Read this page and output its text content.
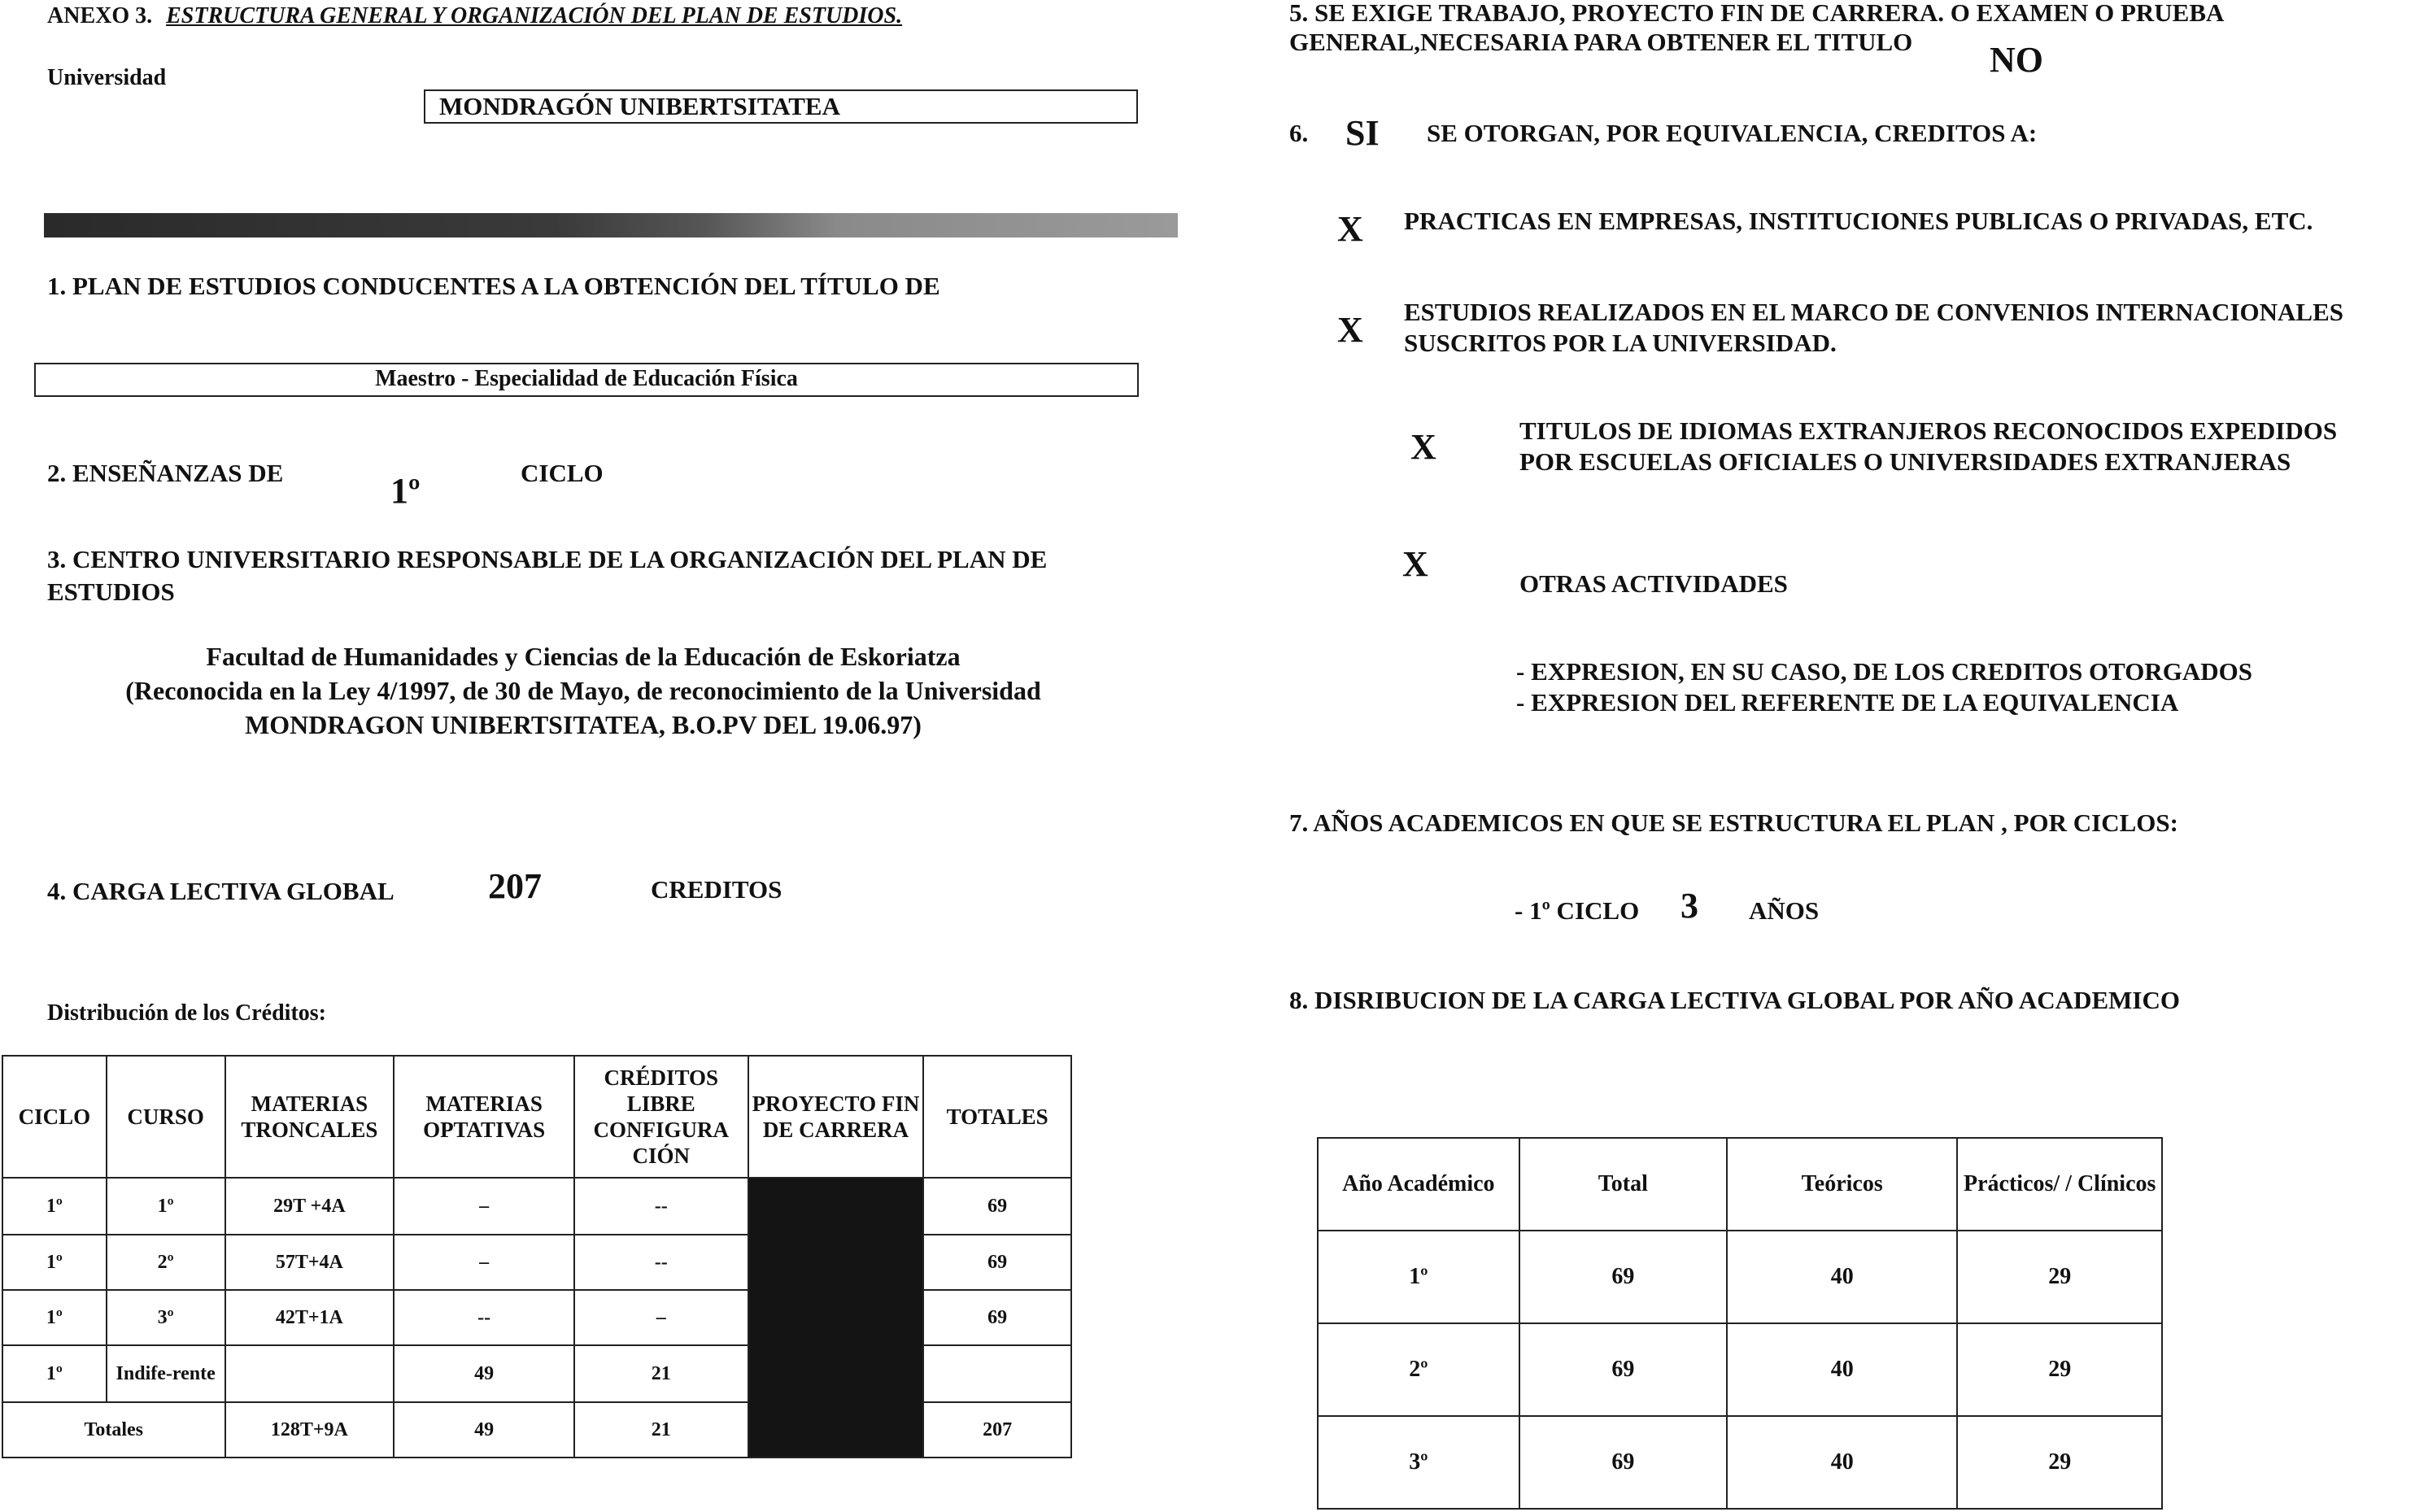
ANEXO 3. ESTRUCTURA GENERAL Y ORGANIZACIÓN DEL PLAN DE ESTUDIOS.
Universidad
MONDRAGÓN UNIBERTSITATEA
1. PLAN DE ESTUDIOS CONDUCENTES A LA OBTENCIÓN DEL TÍTULO DE
Maestro - Especialidad de Educación Física
2. ENSEÑANZAS DE	1º	CICLO
3. CENTRO UNIVERSITARIO RESPONSABLE DE LA ORGANIZACIÓN DEL PLAN DE
ESTUDIOS
Facultad de Humanidades y Ciencias de la Educación de Eskoriatza
(Reconocida en la Ley 4/1997, de 30 de Mayo, de reconocimiento de la Universidad
MONDRAGON UNIBERTSITATEA, B.O.PV DEL 19.06.97)
4. CARGA LECTIVA GLOBAL	207	CREDITOS
Distribución de los Créditos:
CICLO	CURSO	MATERIAS TRONCALES	MATERIAS OPTATIVAS	CRÉDITOS LIBRE CONFIGURA CIÓN	PROYECTO FIN DE CARRERA	TOTALES
1º	1º	29T +4A	–	--		69
1º	2º	57T+4A	–	--		69
1º	3º	42T+1A	--	–		69
1º	Indife-rente		49	21		
Totales		128T+9A	49	21		207
5. SE EXIGE TRABAJO, PROYECTO FIN DE CARRERA. O EXAMEN O PRUEBA
GENERAL,NECESARIA PARA OBTENER EL TITULO NO
6. SI SE OTORGAN, POR EQUIVALENCIA, CREDITOS A:
X PRACTICAS EN EMPRESAS, INSTITUCIONES PUBLICAS O PRIVADAS, ETC.
X ESTUDIOS REALIZADOS EN EL MARCO DE CONVENIOS INTERNACIONALES
SUSCRITOS POR LA UNIVERSIDAD.
X	TITULOS DE IDIOMAS EXTRANJEROS RECONOCIDOS EXPEDIDOS
POR ESCUELAS OFICIALES O UNIVERSIDADES EXTRANJERAS
X	OTRAS ACTIVIDADES
- EXPRESION, EN SU CASO, DE LOS CREDITOS OTORGADOS
- EXPRESION DEL REFERENTE DE LA EQUIVALENCIA
7. AÑOS ACADEMICOS EN QUE SE ESTRUCTURA EL PLAN , POR CICLOS:
- 1º CICLO 3 AÑOS
8. DISRIBUCION DE LA CARGA LECTIVA GLOBAL POR AÑO ACADEMICO
Año Académico	Total	Teóricos	Prácticos/ / Clínicos
1º	69	40	29
2º	69	40	29
3º	69	40	29
